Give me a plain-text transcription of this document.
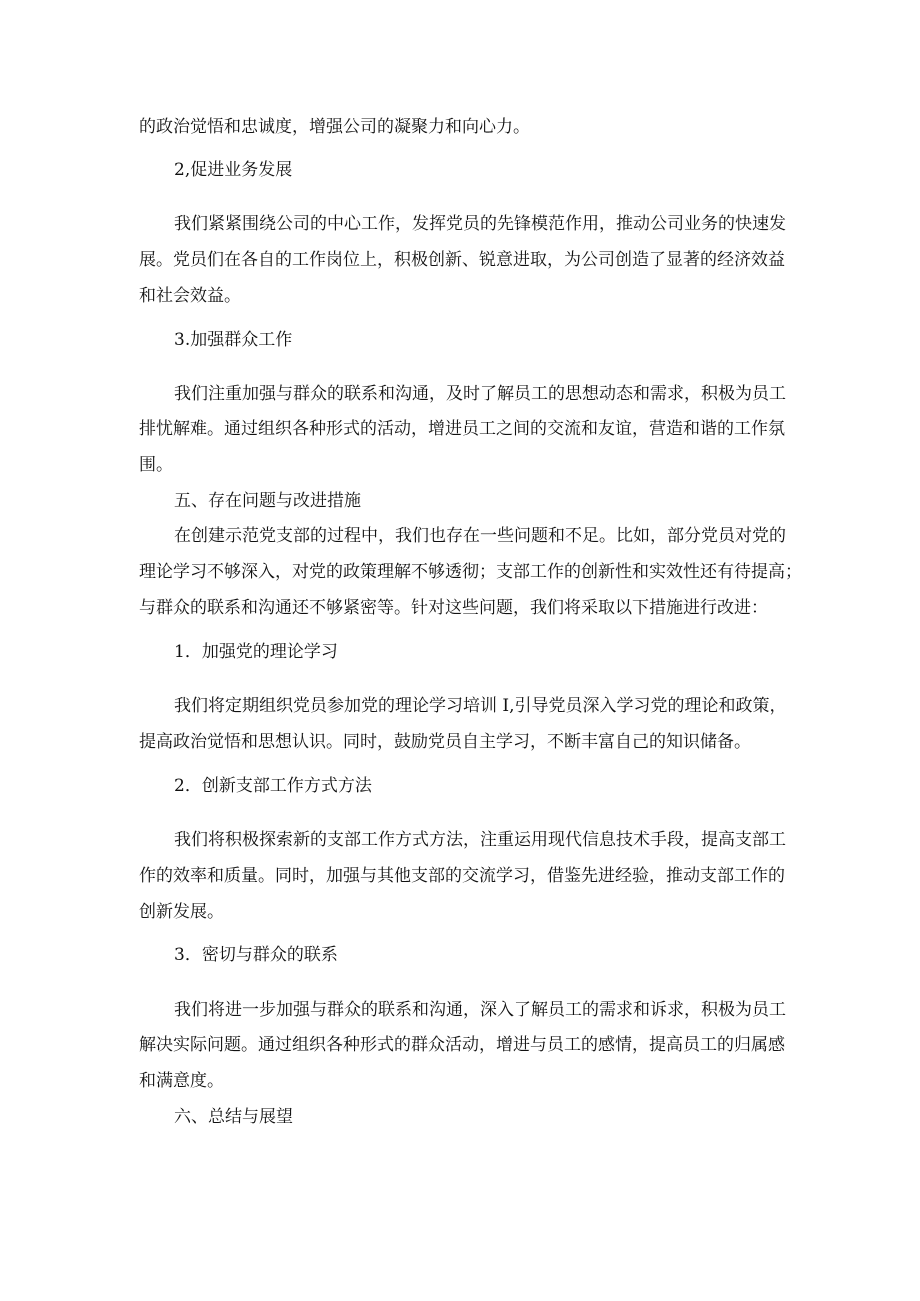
的政治觉悟和忠诚度，增强公司的凝聚力和向心力。

2,促进业务发展

我们紧紧围绕公司的中心工作，发挥党员的先锋模范作用，推动公司业务的快速发

展。党员们在各自的工作岗位上，积极创新、锐意进取，为公司创造了显著的经济效益

和社会效益。

3.加强群众工作

我们注重加强与群众的联系和沟通，及时了解员工的思想动态和需求，积极为员工

排忧解难。通过组织各种形式的活动，增进员工之间的交流和友谊，营造和谐的工作氛

围。

五、存在问题与改进措施

在创建示范党支部的过程中，我们也存在一些问题和不足。比如，部分党员对党的

理论学习不够深入，对党的政策理解不够透彻；支部工作的创新性和实效性还有待提高；

与群众的联系和沟通还不够紧密等。针对这些问题，我们将采取以下措施进行改进：

1．加强党的理论学习

我们将定期组织党员参加党的理论学习培训 I,引导党员深入学习党的理论和政策，

提高政治觉悟和思想认识。同时，鼓励党员自主学习，不断丰富自己的知识储备。

2．创新支部工作方式方法

我们将积极探索新的支部工作方式方法，注重运用现代信息技术手段，提高支部工

作的效率和质量。同时，加强与其他支部的交流学习，借鉴先进经验，推动支部工作的

创新发展。

3．密切与群众的联系

我们将进一步加强与群众的联系和沟通，深入了解员工的需求和诉求，积极为员工

解决实际问题。通过组织各种形式的群众活动，增进与员工的感情，提高员工的归属感

和满意度。

六、总结与展望
